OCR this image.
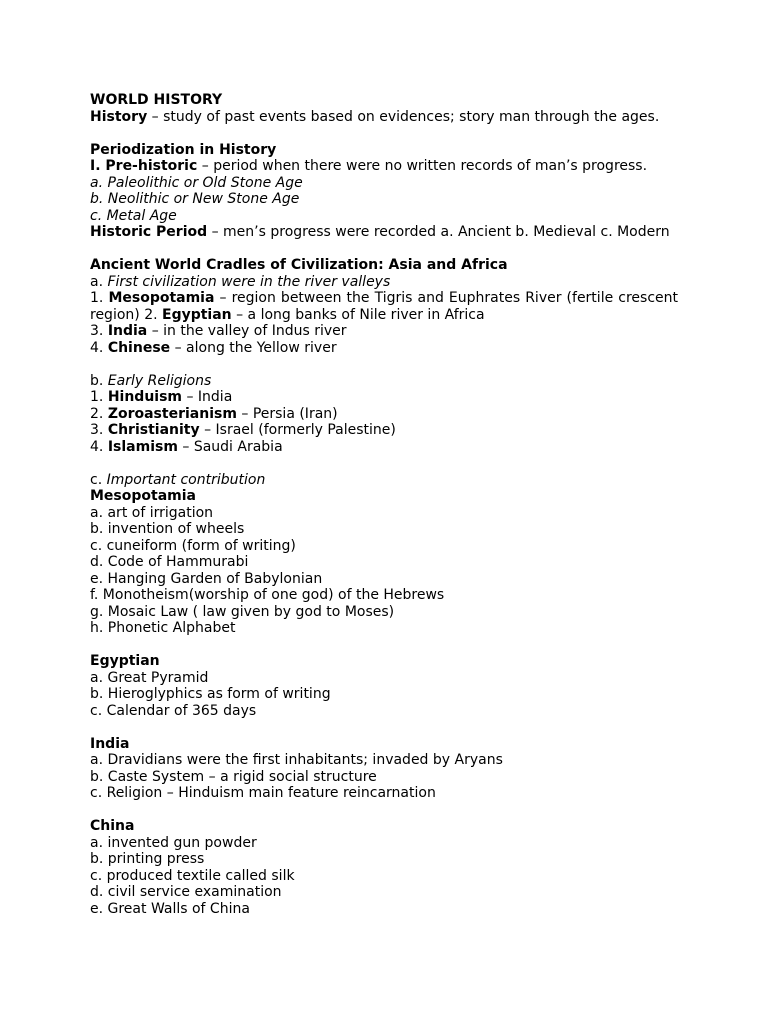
WORLD HISTORY
History – study of past events based on evidences; story man through the ages.
Periodization in History
I. Pre-historic – period when there were no written records of man’s progress.
a. Paleolithic or Old Stone Age
b. Neolithic or New Stone Age
c. Metal Age
Historic Period – men’s progress were recorded a. Ancient b. Medieval c. Modern
Ancient World Cradles of Civilization: Asia and Africa
a. First civilization were in the river valleys
1. Mesopotamia – region between the Tigris and Euphrates River (fertile crescent region) 2. Egyptian – a long banks of Nile river in Africa
3. India – in the valley of Indus river
4. Chinese – along the Yellow river
b. Early Religions
1. Hinduism – India
2. Zoroasterianism – Persia (Iran)
3. Christianity – Israel (formerly Palestine)
4. Islamism – Saudi Arabia
c. Important contribution
Mesopotamia
a. art of irrigation
b. invention of wheels
c. cuneiform (form of writing)
d. Code of Hammurabi
e. Hanging Garden of Babylonian
f. Monotheism(worship of one god) of the Hebrews
g. Mosaic Law ( law given by god to Moses)
h. Phonetic Alphabet
Egyptian
a. Great Pyramid
b. Hieroglyphics as form of writing
c. Calendar of 365 days
India
a. Dravidians were the first inhabitants; invaded by Aryans
b. Caste System – a rigid social structure
c. Religion – Hinduism main feature reincarnation
China
a. invented gun powder
b. printing press
c. produced textile called silk
d. civil service examination
e. Great Walls of China
